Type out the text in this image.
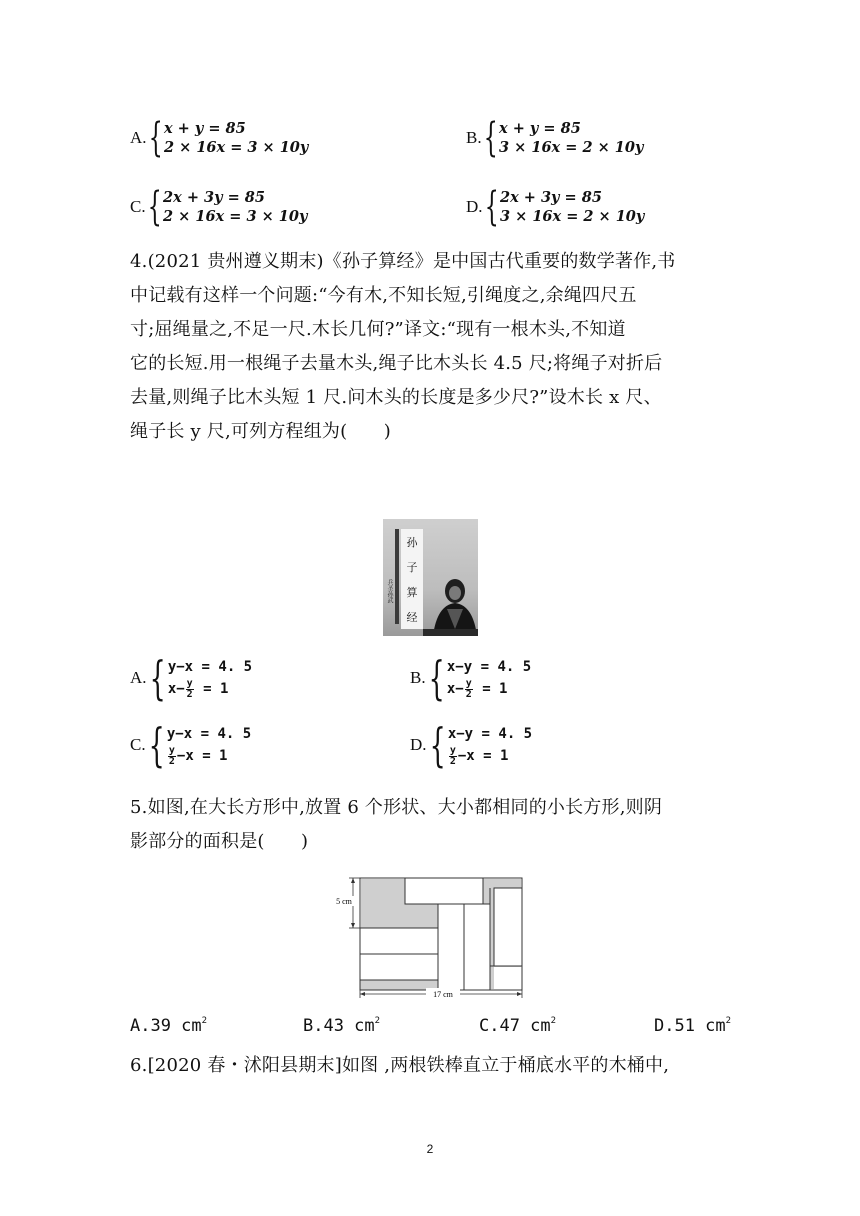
A. { x + y = 85
2 × 16x = 3 × 10y
B. { x + y = 85
3 × 16x = 2 × 10y
C. { 2x + 3y = 85
2 × 16x = 3 × 10y
D. { 2x + 3y = 85
3 × 16x = 2 × 10y
4.(2021 贵州遵义期末)《孙子算经》是中国古代重要的数学著作,书
中记载有这样一个问题:“今有木,不知长短,引绳度之,余绳四尺五
寸;屈绳量之,不足一尺.木长几何?”译文:“现有一根木头,不知道
它的长短.用一根绳子去量木头,绳子比木头长 4.5 尺;将绳子对折后
去量,则绳子比木头短 1 尺.问木头的长度是多少尺?”设木长 x 尺、
绳子长 y 尺,可列方程组为(　　)
孙
子
算
经
兵圣孙武
A. { y−x = 4. 5
$x- \frac{y}{2} = 1$
B. { x−y = 4. 5
$x- \frac{y}{2} = 1$
C. { y−x = 4. 5
$\frac{y}{2} -x = 1$
D. { x−y = 4. 5
$\frac{y}{2} -x = 1$
5.如图,在大长方形中,放置 6 个形状、大小都相同的小长方形,则阴
影部分的面积是(　　)
17 cm
5 cm
A.39 $cm^2$	B.43 $cm^2$	C.47 $cm^2$	D.51 $cm^2$
6.[2020 春・沭阳县期末]如图 ,两根铁棒直立于桶底水平的木桶中,
2
